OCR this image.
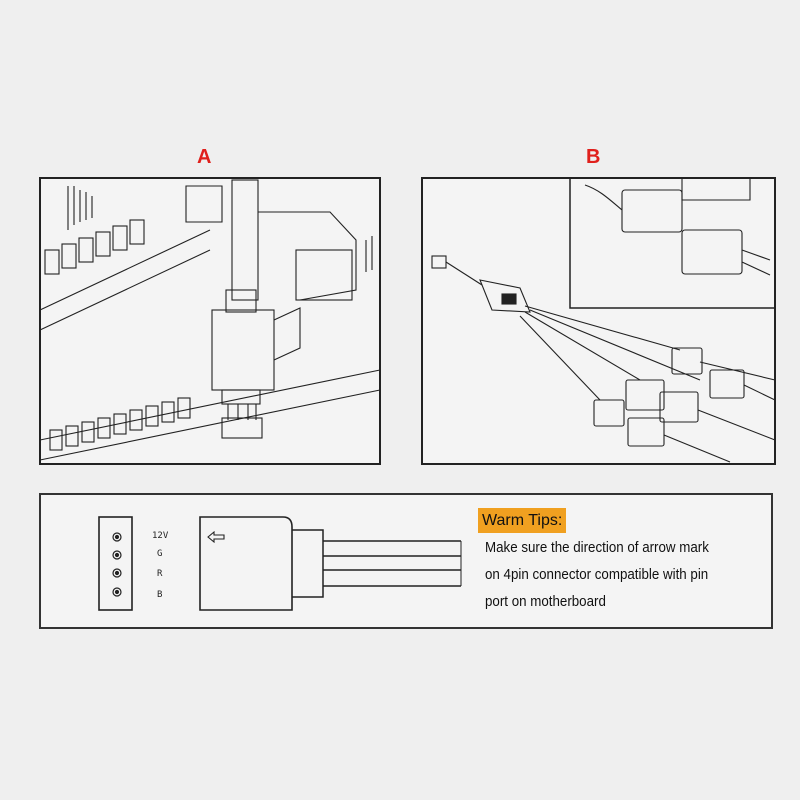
A	B
12V
G
R
B
Warm Tips:
Make sure the direction of arrow mark
on 4pin connector compatible with pin
port on motherboard
